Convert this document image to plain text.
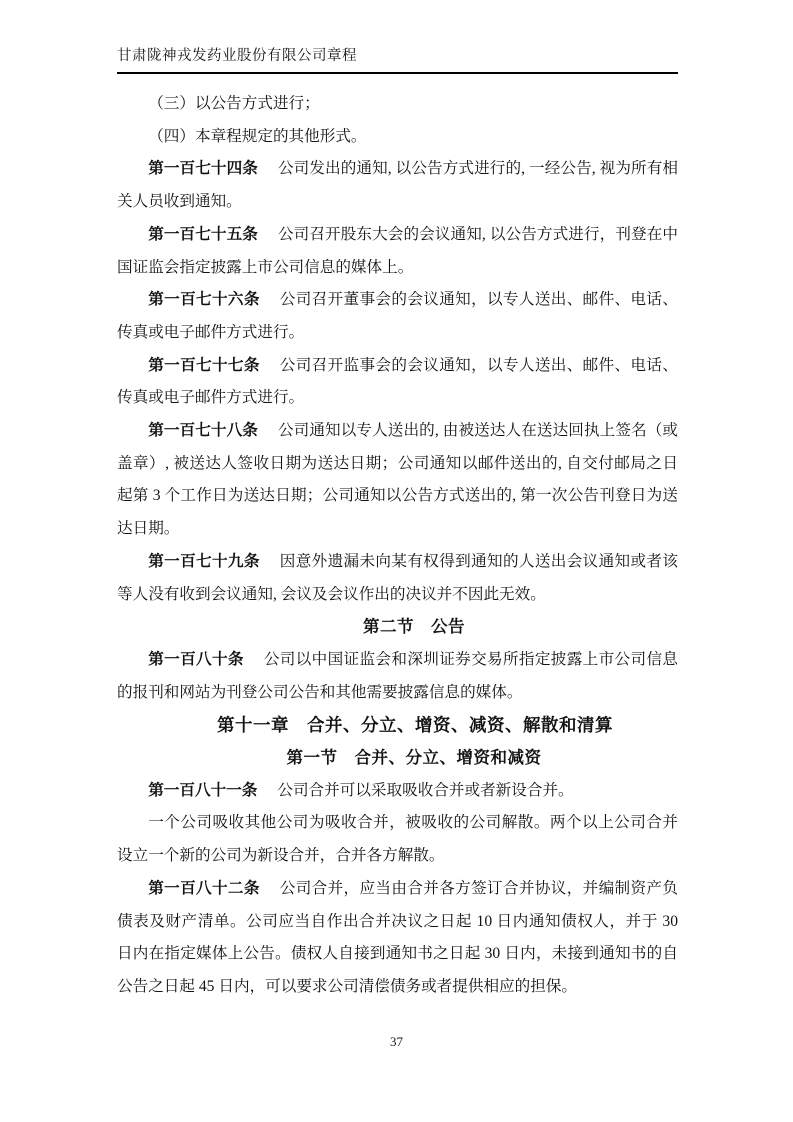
甘肃陇神戎发药业股份有限公司章程

（三）以公告方式进行；

（四）本章程规定的其他形式。

第一百七十四条 公司发出的通知, 以公告方式进行的, 一经公告, 视为所有相关人员收到通知。

第一百七十五条 公司召开股东大会的会议通知, 以公告方式进行，刊登在中国证监会指定披露上市公司信息的媒体上。

第一百七十六条 公司召开董事会的会议通知，以专人送出、邮件、电话、传真或电子邮件方式进行。

第一百七十七条 公司召开监事会的会议通知，以专人送出、邮件、电话、传真或电子邮件方式进行。

第一百七十八条 公司通知以专人送出的, 由被送达人在送达回执上签名（或盖章）, 被送达人签收日期为送达日期；公司通知以邮件送出的, 自交付邮局之日起第 3 个工作日为送达日期；公司通知以公告方式送出的, 第一次公告刊登日为送达日期。

第一百七十九条 因意外遗漏未向某有权得到通知的人送出会议通知或者该等人没有收到会议通知, 会议及会议作出的决议并不因此无效。

第二节　公告

第一百八十条 公司以中国证监会和深圳证券交易所指定披露上市公司信息的报刊和网站为刊登公司公告和其他需要披露信息的媒体。

第十一章　合并、分立、增资、减资、解散和清算

第一节　合并、分立、增资和减资

第一百八十一条 公司合并可以采取吸收合并或者新设合并。

一个公司吸收其他公司为吸收合并，被吸收的公司解散。两个以上公司合并设立一个新的公司为新设合并，合并各方解散。

第一百八十二条 公司合并，应当由合并各方签订合并协议，并编制资产负债表及财产清单。公司应当自作出合并决议之日起 10 日内通知债权人，并于 30 日内在指定媒体上公告。债权人自接到通知书之日起 30 日内，未接到通知书的自公告之日起 45 日内，可以要求公司清偿债务或者提供相应的担保。

37
